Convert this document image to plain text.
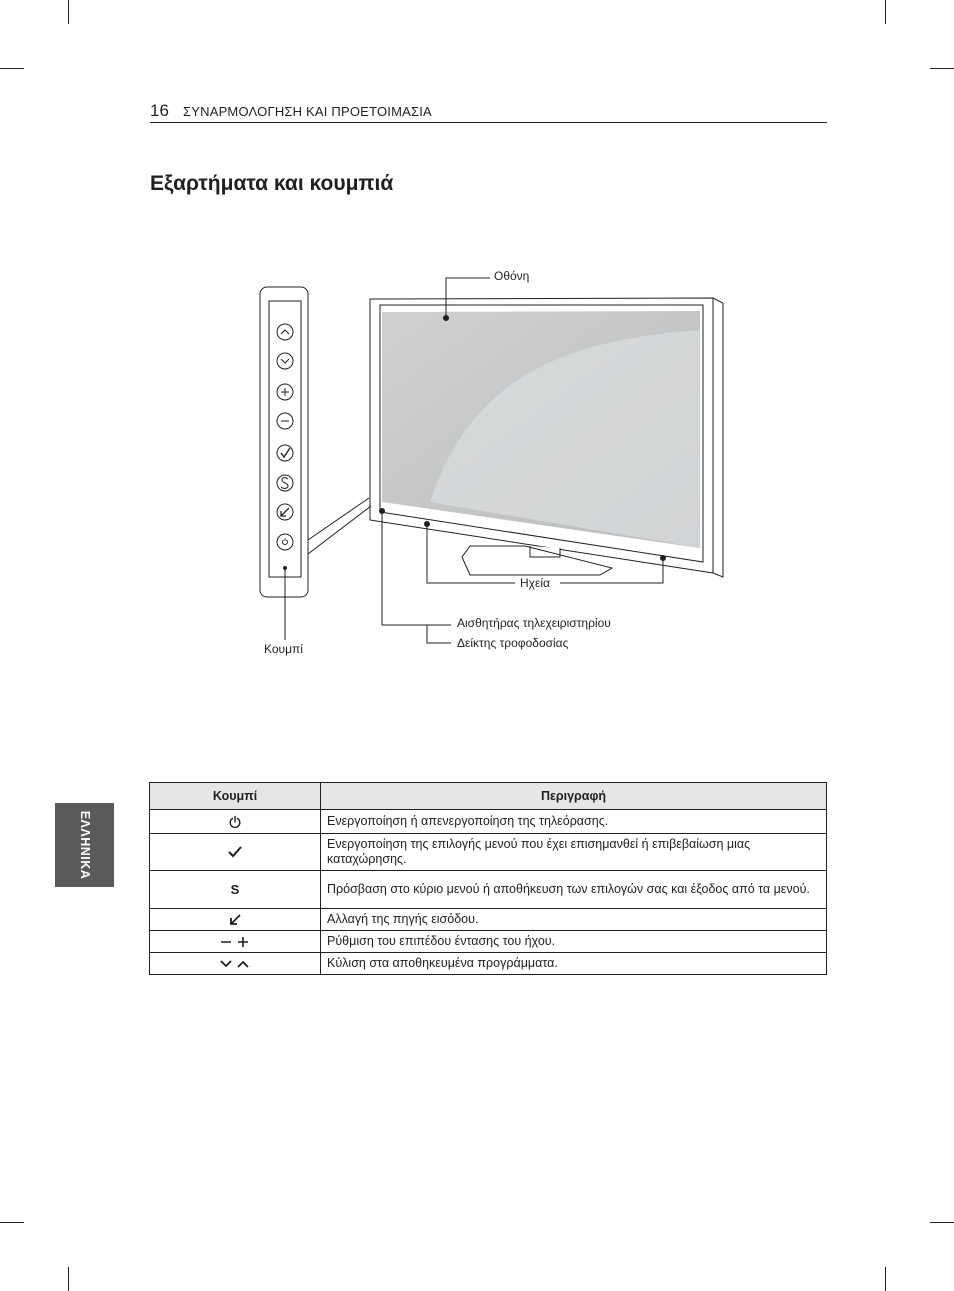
16 ΣΥΝΑΡΜΟΛΟΓΗΣΗ ΚΑΙ ΠΡΟΕΤΟΙΜΑΣΙΑ
Εξαρτήματα και κουμπιά
ΕΛΛΗΝΙΚΑ
Οθόνη
Ηχεία
Αισθητήρας τηλεχειριστηρίου
Δείκτης τροφοδοσίας
Κουμπί
Κουμπί	Περιγραφή
	Ενεργοποίηση ή απενεργοποίηση της τηλεόρασης.
	Ενεργοποίηση της επιλογής μενού που έχει επισημανθεί ή επιβεβαίωση μιας καταχώρησης.
S	Πρόσβαση στο κύριο μενού ή αποθήκευση των επιλογών σας και έξοδος από τα μενού.
	Αλλαγή της πηγής εισόδου.
	Ρύθμιση του επιπέδου έντασης του ήχου.
	Κύλιση στα αποθηκευμένα προγράμματα.
